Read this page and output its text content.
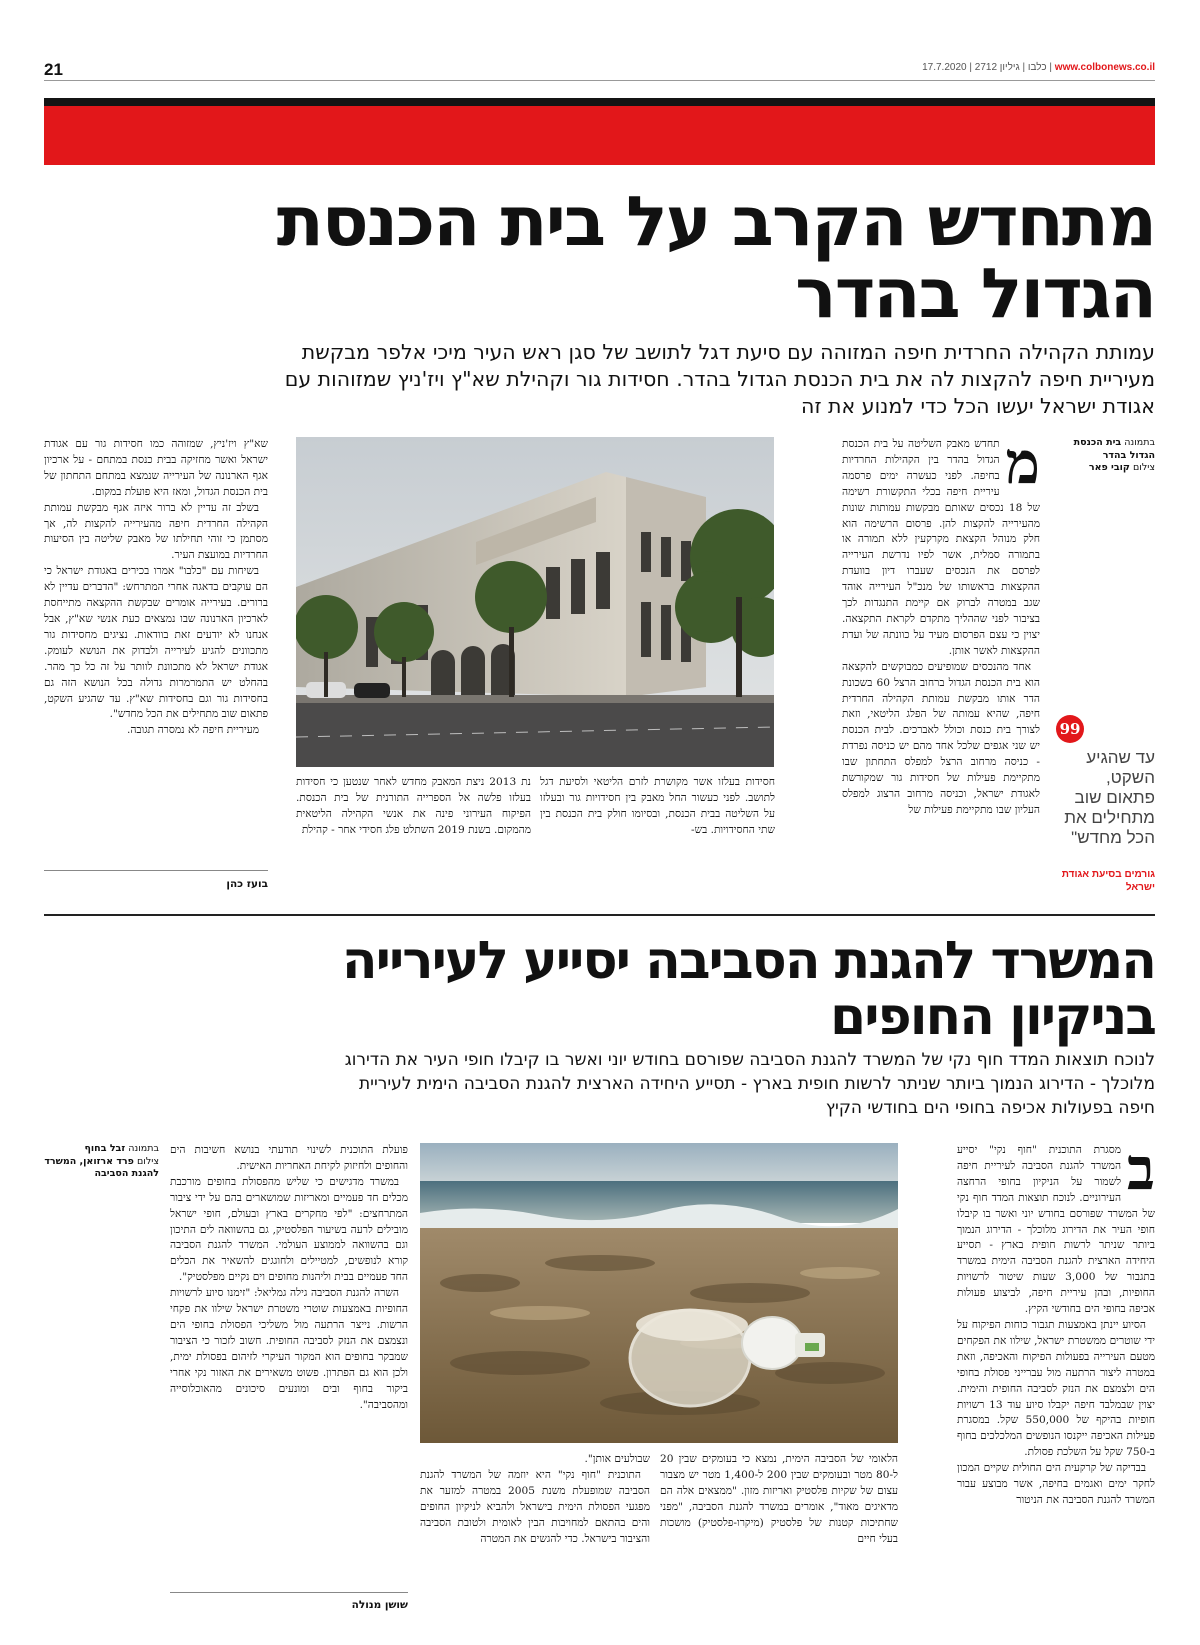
21	www.colbonews.co.il | כלבו | גיליון 2712 | 17.7.2020
מתחדש הקרב על בית הכנסת
הגדול בהדר
עמותת הקהילה החרדית חיפה המזוהה עם סיעת דגל לתושב של סגן ראש העיר מיכי אלפר מבקשת
מעיריית חיפה להקצות לה את בית הכנסת הגדול בהדר. חסידות גור וקהילת שא"ץ ויז'ניץ שמזוהות עם
אגודת ישראל יעשו הכל כדי למנוע את זה
בתמונה בית הכנסת הגדול בהדר
צילום קובי פאר
99
עד שהגיע השקט, פתאום שוב מתחילים את הכל מחדש"
גורמים בסיעת אגודת ישראל
מ

תחדש מאבק השליטה על בית הכנסת הגדול בהדר בין הקהילות החרדיות בחיפה. לפני כעשרה ימים פרסמה עיריית חיפה בכלי התקשורת רשימה של 18 נכסים שאותם מבקשות עמותות שונות מהעירייה להקצות להן. פרסום הרשימה הוא חלק מנוהל הקצאת מקרקעין ללא תמורה או בתמורה סמלית, אשר לפיו נדרשת העירייה לפרסם את הנכסים שעברו דיון בוועדת ההקצאות בראשותו של מנכ"ל העירייה אוהד שגב במטרה לברוק אם קיימת התנגדות לכך בציבור לפני שההליך מתקדם לקראת התקצאה. יצוין כי עצם הפרסום מעיד על כוונתה של ועדת ההקצאות לאשר אותן.

אחד מהנכסים שמופיעים כמבוקשים להקצאה הוא בית הכנסת הגדול ברחוב הרצל 60 בשכונת הדר אותו מבקשת עמותת הקהילה החרדית חיפה, שהיא עמותה של הפלג הליטאי, וזאת לצורך בית כנסת וכולל לאברכים. לבית הכנסת יש שני אגפים שלכל אחד מהם יש כניסה נפרדת - כניסה מרחוב הרצל למפלס התחתון שבו מתקיימת פעילות של חסידות גור שמקורשת לאגודת ישראל, וכניסה מרחוב הרצוג למפלס העליון שבו מתקיימת פעילות של

חסידות בעלזו אשר מקושרת לזרם הליטאי ולסיעת דגל לתושב. לפני כעשור החל מאבק בין חסידויות גור ובעלזו על השליטה בבית הכנסת, ובסיומו חולק בית הכנסת בין שתי החסידויות. בש-

נת 2013 ניצת המאבק מחדש לאחר שנטען כי חסידות בעלזו פלשה אל הספרייה התורנית של בית הכנסת. הפיקוח העירוני פינה את אנשי הקהילה הליטאית מהמקום. בשנת 2019 השתלט פלג חסידי אחר - קהילת

שא"ץ ויז'ניץ, שמזוהה כמו חסידות גור עם אגודת ישראל ואשר מחזיקה בבית כנסת במתחם - על ארכיון אגף הארנונה של העירייה שנמצא במתחם התחתון של בית הכנסת הגדול, ומאז היא פועלת במקום.

בשלב זה עדיין לא ברור איזה אגף מבקשת עמותת הקהילה החרדית חיפה מהעירייה להקצות לה, אך מסתמן כי זוהי תחילתו של מאבק שליטה בין הסיעות החרדיות במועצת העיר.

בשיחות עם "כלבו" אמרו בכירים באגודת ישראל כי הם עוקבים בדאגה אחרי המתרחש: "הדברים עדיין לא ברורים. בעירייה אומרים שבקשת ההקצאה מתייחסת לארכיון הארנונה שבו נמצאים כעת אנשי שא"ץ, אבל אנחנו לא יודעים זאת בוודאות. נציגים מחסידות גור מתכוונים להגיע לעירייה ולבדוק את הנושא לעומק. אגודת ישראל לא מתכוונת לוותר על זה כל כך מהר. בהחלט יש התמרמרות גדולה בכל הנושא הזה גם בחסידות גור וגם בחסידות שא"ץ. עד שהגיע השקט, פתאום שוב מתחילים את הכל מחדש".

מעיריית חיפה לא נמסרה תגובה.

בועז כהן
המשרד להגנת הסביבה יסייע לעירייה
בניקיון החופים
לנוכח תוצאות המדד חוף נקי של המשרד להגנת הסביבה שפורסם בחודש יוני ואשר בו קיבלו חופי העיר את הדירוג
מלוכלך - הדירוג הנמוך ביותר שניתר לרשות חופית בארץ - תסייע היחידה הארצית להגנת הסביבה הימית לעיריית
חיפה בפעולות אכיפה בחופי הים בחודשי הקיץ
ב

מסגרת התוכנית "חוף נקי" יסייע המשרד להגנת הסביבה לעיריית חיפה לשמור על הניקיון בחופי הרחצה העירוניים. לנוכח תוצאות המדד חוף נקי של המשרד שפורסם בחודש יוני ואשר בו קיבלו חופי העיר את הדירוג מלוכלך - הדירוג הנמוך ביותר שניתר לרשות חופית בארץ - תסייע היחידה הארצית להגנת הסביבה הימית במשרד בתגבור של 3,000 שעות שיטור לרשויות החופיות, ובהן עיריית חיפה, לביצוע פעולות אכיפה בחופי הים בחודשי הקיץ.

הסיוע יינתן באמצעות תגבור כוחות הפיקוח על ידי שוטרים ממשטרת ישראל, שילוו את הפקחים מטעם העירייה בפעולות הפיקוח והאכיפה, וזאת במטרה ליצור הרתעה מול עברייני פסולת בחופי הים ולצמצם את הנזק לסביבה החופית והימית. יצוין שבמלבד חיפה יקבלו סיוע עוד 13 רשויות חופיות בהיקף של 550,000 שקל. במסגרת פעילות האכיפה ייקנסו הנופשים המלכלכים בחוף ב-750 שקל על השלכת פסולת.

בבדיקה של קרקעית הים החולית שקיים המכון לחקר ימים ואגמים בחיפה, אשר מבוצע עבור המשרד להגנת הסביבה את הניטור

הלאומי של הסביבה הימית, נמצא כי בעומקים שבין 20 ל-80 מטר ובעומקים שבין 200 ל-1,400 מטר יש מצבור עצום של שקיות פלסטיק ואריזות מזון. "ממצאים אלה הם מדאיגים מאוד", אומרים במשרד להגנת הסביבה, "מפני שחתיכות קטנות של פלסטיק (מיקרו-פלסטיק) מושכות בעלי חיים

שבולעים אותן".

התוכנית "חוף נקי" היא יוזמה של המשרד להגנת הסביבה שמופעלת משנת 2005 במטרה למזער את מפגעי הפסולת הימית בישראל ולהביא לניקיון החופים והים בהתאם למחויבות הבין לאומית ולטובת הסביבה והציבור בישראל. כדי להגשים את המטרה

פועלת התוכנית לשינוי תודעתי בנושא חשיבות הים והחופים ולחיזוק לקיחת האחריות האישית.

במשרד מדגישים כי שליש מהפסולת בחופים מורכבת מכלים חד פעמיים ומאריזות שמושארים בהם על ידי ציבור המתרחצים: "לפי מחקרים בארץ ובעולם, חופי ישראל מובילים לרעה בשיעור הפלסטיק, גם בהשוואה לים התיכון וגם בהשוואה לממוצע העולמי. המשרד להגנת הסביבה קורא לנופשים, למטיילים ולחוגגים להשאיר את הכלים החד פעמיים בבית וליהנות מחופים וים נקיים מפלסטיק".

השרה להגנת הסביבה גילה גמליאל: "זימנו סיוע לרשויות החופיות באמצעות שוטרי משטרת ישראל שילוו את פקחי הרשות. נייצר הרתעה מול משליכי הפסולת בחופי הים ונצמצם את הנזק לסביבה החופית. חשוב לזכור כי הציבור שמבקר בחופים הוא המקור העיקרי לזיהום בפסולת ימית, ולכן הוא גם הפתרון. פשוט משאירים את האזור נקי אחרי ביקור בחוף ובים ומונעים סיכונים מהאוכלוסייה ומהסביבה".

שושן מנולה
בתמונה זבל בחוף
צילום פרד ארזואן, המשרד להגנת הסביבה
